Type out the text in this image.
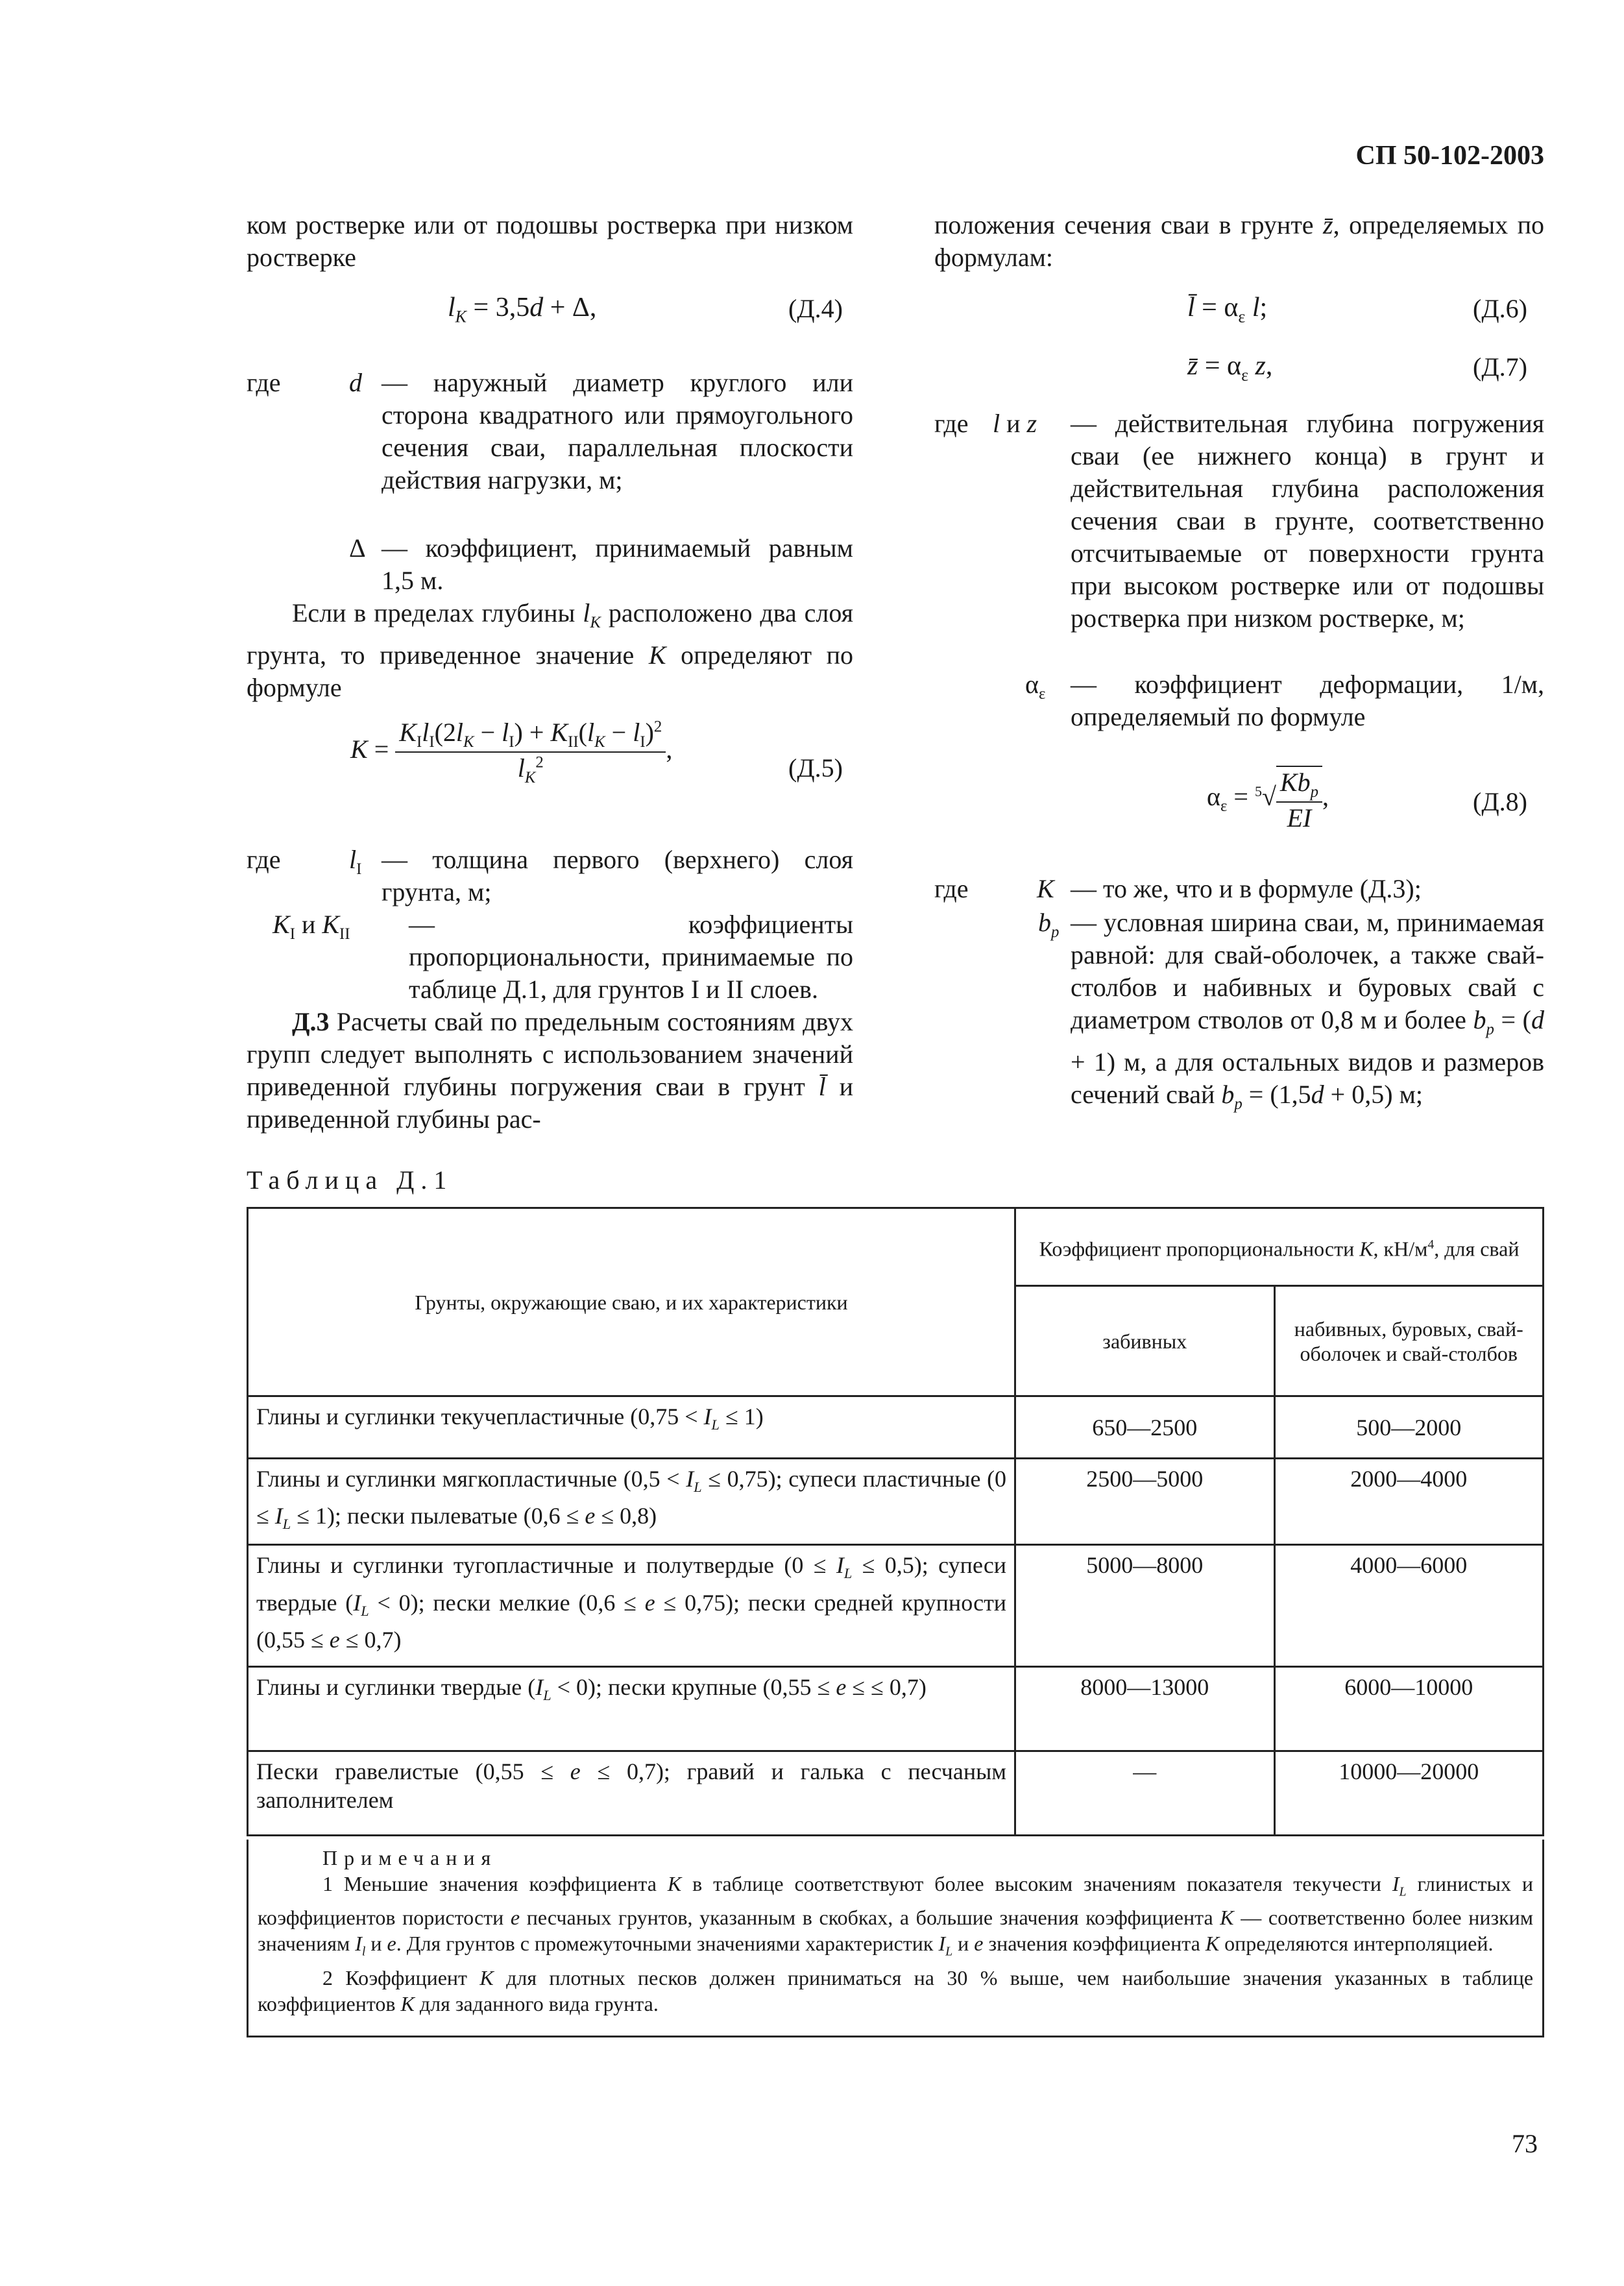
СП 50-102-2003

ком ростверке или от подошвы ростверка при низком ростверке

$l_K = 3,5d + \Delta$,	(Д.4)
где	d — наружный диаметр круглого или сторона квадратного или прямоугольного сечения сваи, параллельная плоскости действия нагрузки, м;

Δ — коэффициент, принимаемый равным 1,5 м.

Если в пределах глубины $l_K$ расположено два слоя грунта, то приведенное значение K определяют по формуле

$K = \frac{K_Il_I(2l_K - l_I) + K_{II}(l_K - l_I)^2}{l_K^2}$ ,
(Д.5)
где	$l_I$ — толщина первого (верхнего) слоя грунта, м;

$K_I$ и $K_{II}$ — коэффициенты пропорциональности, принимаемые по таблице Д.1, для грунтов I и II слоев.

Д.3 Расчеты свай по предельным состояниям двух групп следует выполнять с использованием значений приведенной глубины погружения сваи в грунт l̄ и приведенной глубины рас-

положения сечения сваи в грунте z̄, определяемых по формулам:

l̄ = $\alpha_\varepsilon$ l;	(Д.6)
z̄ = $\alpha_\varepsilon$ z,	(Д.7)
где l и z — действительная глубина погружения сваи (ее нижнего конца) в грунт и действительная глубина расположения сечения сваи в грунте, соответственно отсчитываемые от поверхности грунта при высоком ростверке или от подошвы ростверка при низком ростверке, м;

$\alpha_\varepsilon$ — коэффициент деформации, 1/м, определяемый по формуле

$\alpha_\varepsilon = ^5√ \frac{Kb_p}{EI}$ ,	(Д.8)
где	K — то же, что и в формуле (Д.3);

$b_p$ — условная ширина сваи, м, принимаемая равной: для свай-оболочек, а также свай-столбов и набивных и буровых свай с диаметром стволов от 0,8 м и более $b_p = (d + 1)$ м, а для остальных видов и размеров сечений свай $b_p = (1,5d + 0,5)$ м;

Таблица Д.1
Грунты, окружающие сваю, и их характеристики	Коэффициент пропорциональности K, $кН/м^4$, для свай	
	забивных	набивных, буровых, свай-оболочек и свай-столбов
Глины и суглинки текучепластичные $(0,75 < I_L \le 1)$	650—2500	500—2000
Глины и суглинки мягкопластичные $(0,5 < I_L \le 0,75)$; супеси пластичные $(0 \le I_L \le 1)$; пески пылеватые (0,6 ≤ e ≤ 0,8)	2500—5000	2000—4000
Глины и суглинки тугопластичные и полутвердые $(0 \le I_L \le 0,5)$; супеси твердые $(I_L < 0)$; пески мелкие (0,6 ≤ e ≤ 0,75); пески средней крупности (0,55 ≤ e ≤ 0,7)	5000—8000	4000—6000
Глины и суглинки твердые $(I_L < 0)$; пески крупные (0,55 ≤ e ≤ ≤ 0,7)	8000—13000	6000—10000
Пески гравелистые (0,55 ≤ e ≤ 0,7); гравий и галька с песчаным заполнителем	—	10000—20000

Примечания

1 Меньшие значения коэффициента K в таблице соответствуют более высоким значениям показателя текучести $I_L$ глинистых и коэффициентов пористости e песчаных грунтов, указанным в скобках, а большие значения коэффициента K — соответственно более низким значениям $I_l$ и e. Для грунтов с промежуточными значениями характеристик $I_L$ и e значения коэффициента K определяются интерполяцией.

2 Коэффициент K для плотных песков должен приниматься на 30 % выше, чем наибольшие значения указанных в таблице коэффициентов K для заданного вида грунта.

73
